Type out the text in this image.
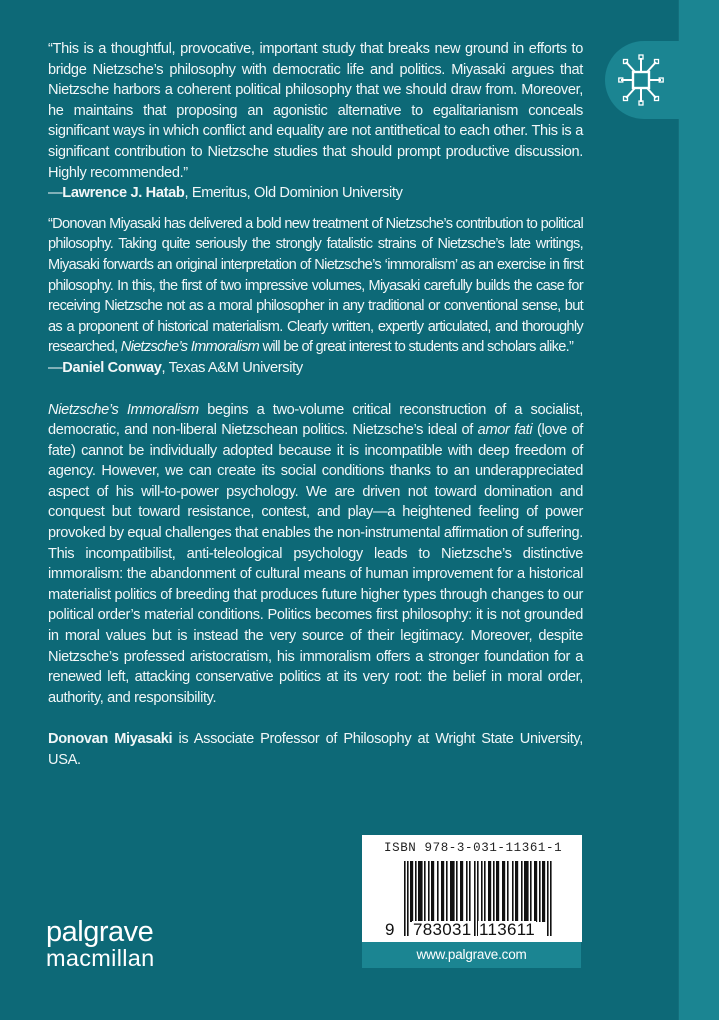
“This is a thoughtful, provocative, important study that breaks new ground in efforts to bridge Nietzsche’s philosophy with democratic life and politics. Miyasaki argues that Nietzsche harbors a coherent political philosophy that we should draw from. Moreover, he maintains that proposing an agonistic alternative to egalitarianism conceals significant ways in which conflict and equality are not antithetical to each other. This is a significant contribution to Nietzsche studies that should prompt productive discussion. Highly recommended.”
—Lawrence J. Hatab, Emeritus, Old Dominion University
“Donovan Miyasaki has delivered a bold new treatment of Nietzsche’s contribution to political philosophy. Taking quite seriously the strongly fatalistic strains of Nietzsche’s late writings, Miyasaki forwards an original interpretation of Nietzsche’s ‘immoralism’ as an exercise in first philosophy. In this, the first of two impressive volumes, Miyasaki carefully builds the case for receiving Nietzsche not as a moral philosopher in any traditional or conventional sense, but as a proponent of historical materialism. Clearly written, expertly articulated, and thoroughly researched, Nietzsche’s Immoralism will be of great interest to students and scholars alike.”
—Daniel Conway, Texas A&M University
Nietzsche’s Immoralism begins a two-volume critical reconstruction of a socialist, democratic, and non-liberal Nietzschean politics. Nietzsche’s ideal of amor fati (love of fate) cannot be individually adopted because it is incompatible with deep freedom of agency. However, we can create its social conditions thanks to an underappreciated aspect of his will-to-power psychology. We are driven not toward domination and conquest but toward resistance, contest, and play—a heightened feeling of power provoked by equal challenges that enables the non-instrumental affirmation of suffering. This incompatibilist, anti-teleological psychology leads to Nietzsche’s distinctive immoralism: the abandonment of cultural means of human improvement for a historical materialist politics of breeding that produces future higher types through changes to our political order’s material conditions. Politics becomes first philosophy: it is not grounded in moral values but is instead the very source of their legitimacy. Moreover, despite Nietzsche’s professed aristocratism, his immoralism offers a stronger foundation for a renewed left, attacking conservative politics at its very root: the belief in moral order, authority, and responsibility.
Donovan Miyasaki is Associate Professor of Philosophy at Wright State University, USA.
ISBN 978-3-031-11361-1
9 783031 113611
www.palgrave.com
palgrave
macmillan
